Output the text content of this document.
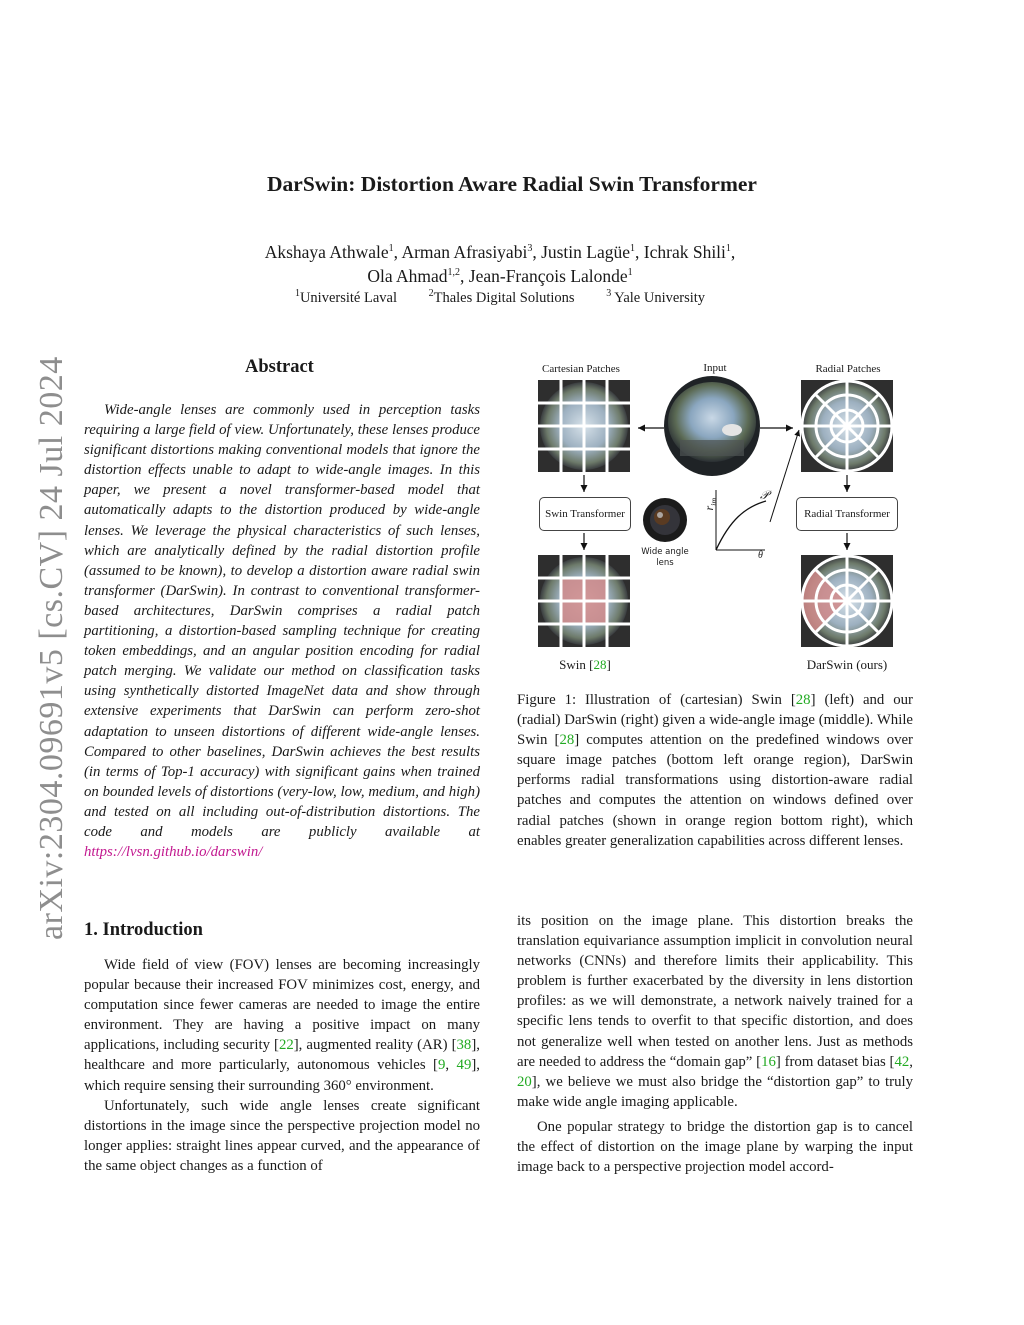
arXiv:2304.09691v5 [cs.CV] 24 Jul 2024
DarSwin: Distortion Aware Radial Swin Transformer
Akshaya Athwale$^1$, Arman Afrasiyabi$^3$, Justin Lagüe$^1$, Ichrak Shili$^1$,
Ola Ahmad$^{1,2}$, Jean-François Lalonde$^1$
$^1$Université Laval	$^2$Thales Digital Solutions	$^3$ Yale University
Abstract
Wide-angle lenses are commonly used in perception tasks requiring a large field of view. Unfortunately, these lenses produce significant distortions making conventional models that ignore the distortion effects unable to adapt to wide-angle images. In this paper, we present a novel transformer-based model that automatically adapts to the distortion produced by wide-angle lenses. We leverage the physical characteristics of such lenses, which are analytically defined by the radial distortion profile (assumed to be known), to develop a distortion aware radial swin transformer (DarSwin). In contrast to conventional transformer-based architectures, DarSwin comprises a radial patch partitioning, a distortion-based sampling technique for creating token embeddings, and an angular position encoding for radial patch merging. We validate our method on classification tasks using synthetically distorted ImageNet data and show through extensive experiments that DarSwin can perform zero-shot adaptation to unseen distortions of different wide-angle lenses. Compared to other baselines, DarSwin achieves the best results (in terms of Top-1 accuracy) with significant gains when trained on bounded levels of distortions (very-low, low, medium, and high) and tested on all including out-of-distribution distortions. The code and models are publicly available at https://lvsn.github.io/darswin/
Cartesian Patches	Input	Radial Patches
Swin Transformer	Radial Transformer
Wide angle lens
$r_{im}$	𝒫
θ
Swin [28]	DarSwin (ours)
Figure 1: Illustration of (cartesian) Swin [28] (left) and our (radial) DarSwin (right) given a wide-angle image (middle). While Swin [28] computes attention on the predefined windows over square image patches (bottom left orange region), DarSwin performs radial transformations using distortion-aware radial patches and computes the attention on windows defined over radial patches (shown in orange region bottom right), which enables greater generalization capabilities across different lenses.
1. Introduction

Wide field of view (FOV) lenses are becoming increasingly popular because their increased FOV minimizes cost, energy, and computation since fewer cameras are needed to image the entire environment. They are having a positive impact on many applications, including security [22], augmented reality (AR) [38], healthcare and more particularly, autonomous vehicles [9, 49], which require sensing their surrounding 360° environment.

Unfortunately, such wide angle lenses create significant distortions in the image since the perspective projection model no longer applies: straight lines appear curved, and the appearance of the same object changes as a function of

its position on the image plane. This distortion breaks the translation equivariance assumption implicit in convolution neural networks (CNNs) and therefore limits their applicability. This problem is further exacerbated by the diversity in lens distortion profiles: as we will demonstrate, a network naively trained for a specific lens tends to overfit to that specific distortion, and does not generalize well when tested on another lens. Just as methods are needed to address the “domain gap” [16] from dataset bias [42, 20], we believe we must also bridge the “distortion gap” to truly make wide angle imaging applicable.

One popular strategy to bridge the distortion gap is to cancel the effect of distortion on the image plane by warping the input image back to a perspective projection model accord-
